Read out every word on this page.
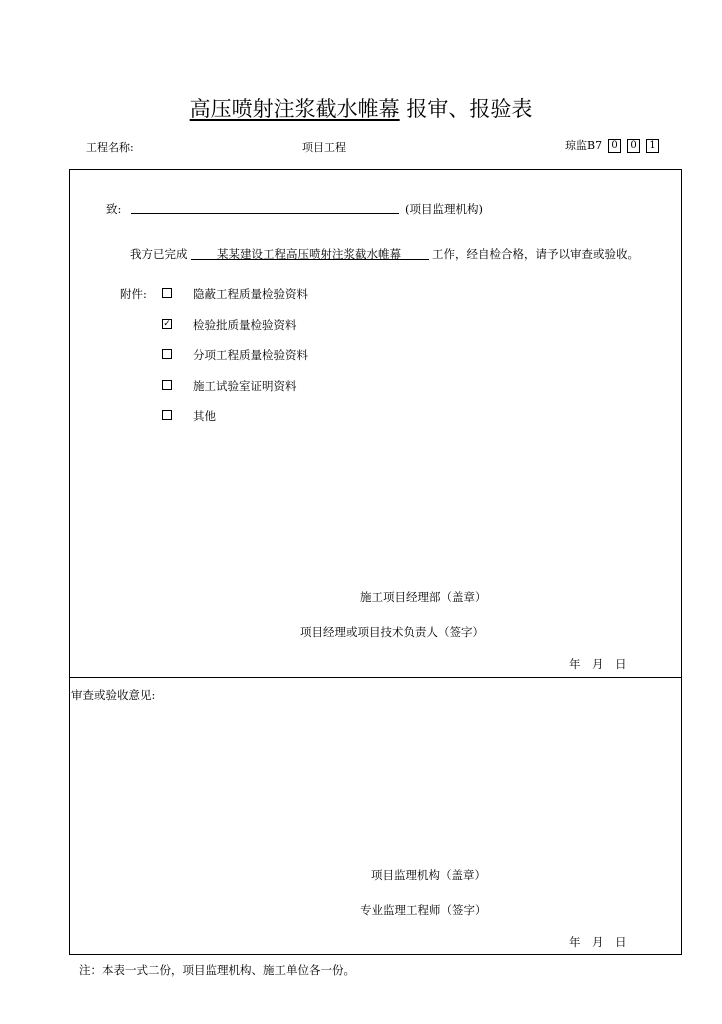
高压喷射注浆截水帷幕 报审、报验表
工程名称:	项目工程	琼监B7 0 0 1
致:	(项目监理机构)
我方已完成	某某建设工程高压喷射注浆截水帷幕	工作，经自检合格，请予以审查或验收。
附件:	隐蔽工程质量检验资料
✓ 检验批质量检验资料
分项工程质量检验资料
施工试验室证明资料
其他
施工项目经理部（盖章）
项目经理或项目技术负责人（签字）
年　月　日
审查或验收意见:
项目监理机构（盖章）
专业监理工程师（签字）
年　月　日
注：本表一式二份，项目监理机构、施工单位各一份。
